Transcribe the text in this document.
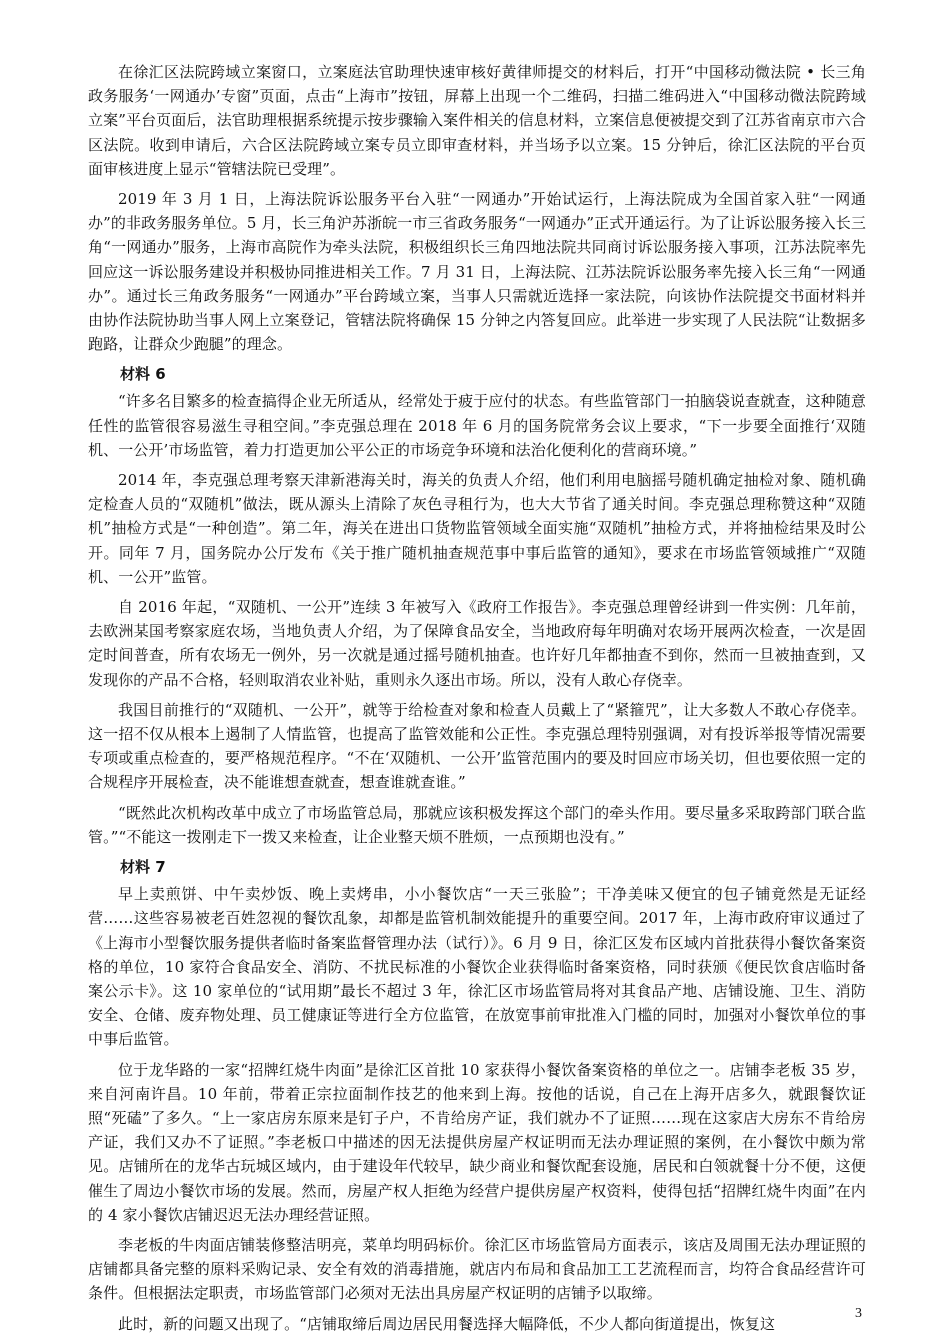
在徐汇区法院跨域立案窗口，立案庭法官助理快速审核好黄律师提交的材料后，打开“中国移动微法院 • 长三角政务服务‘一网通办’专窗”页面，点击“上海市”按钮，屏幕上出现一个二维码，扫描二维码进入“中国移动微法院跨域立案”平台页面后，法官助理根据系统提示按步骤输入案件相关的信息材料，立案信息便被提交到了江苏省南京市六合区法院。收到申请后，六合区法院跨域立案专员立即审查材料，并当场予以立案。15 分钟后，徐汇区法院的平台页面审核进度上显示“管辖法院已受理”。

2019 年 3 月 1 日，上海法院诉讼服务平台入驻“一网通办”开始试运行，上海法院成为全国首家入驻“一网通办”的非政务服务单位。5 月，长三角沪苏浙皖一市三省政务服务“一网通办”正式开通运行。为了让诉讼服务接入长三角“一网通办”服务，上海市高院作为牵头法院，积极组织长三角四地法院共同商讨诉讼服务接入事项，江苏法院率先回应这一诉讼服务建设并积极协同推进相关工作。7 月 31 日，上海法院、江苏法院诉讼服务率先接入长三角“一网通办”。通过长三角政务服务“一网通办”平台跨域立案，当事人只需就近选择一家法院，向该协作法院提交书面材料并由协作法院协助当事人网上立案登记，管辖法院将确保 15 分钟之内答复回应。此举进一步实现了人民法院“让数据多跑路，让群众少跑腿”的理念。

材料 6

“许多名目繁多的检查搞得企业无所适从，经常处于疲于应付的状态。有些监管部门一拍脑袋说查就查，这种随意任性的监管很容易滋生寻租空间。”李克强总理在 2018 年 6 月的国务院常务会议上要求，“下一步要全面推行‘双随机、一公开’市场监管，着力打造更加公平公正的市场竞争环境和法治化便利化的营商环境。”

2014 年，李克强总理考察天津新港海关时，海关的负责人介绍，他们利用电脑摇号随机确定抽检对象、随机确定检查人员的“双随机”做法，既从源头上清除了灰色寻租行为，也大大节省了通关时间。李克强总理称赞这种“双随机”抽检方式是“一种创造”。第二年，海关在进出口货物监管领域全面实施“双随机”抽检方式，并将抽检结果及时公开。同年 7 月，国务院办公厅发布《关于推广随机抽查规范事中事后监管的通知》，要求在市场监管领域推广“双随机、一公开”监管。

自 2016 年起，“双随机、一公开”连续 3 年被写入《政府工作报告》。李克强总理曾经讲到一件实例：几年前，去欧洲某国考察家庭农场，当地负责人介绍，为了保障食品安全，当地政府每年明确对农场开展两次检查，一次是固定时间普查，所有农场无一例外，另一次就是通过摇号随机抽查。也许好几年都抽查不到你，然而一旦被抽查到，又发现你的产品不合格，轻则取消农业补贴，重则永久逐出市场。所以，没有人敢心存侥幸。

我国目前推行的“双随机、一公开”，就等于给检查对象和检查人员戴上了“紧箍咒”，让大多数人不敢心存侥幸。这一招不仅从根本上遏制了人情监管，也提高了监管效能和公正性。李克强总理特别强调，对有投诉举报等情况需要专项或重点检查的，要严格规范程序。“不在‘双随机、一公开’监管范围内的要及时回应市场关切，但也要依照一定的合规程序开展检查，决不能谁想查就查，想查谁就查谁。”

“既然此次机构改革中成立了市场监管总局，那就应该积极发挥这个部门的牵头作用。要尽量多采取跨部门联合监管。”“不能这一拨刚走下一拨又来检查，让企业整天烦不胜烦，一点预期也没有。”

材料 7

早上卖煎饼、中午卖炒饭、晚上卖烤串，小小餐饮店“一天三张脸”；干净美味又便宜的包子铺竟然是无证经营……这些容易被老百姓忽视的餐饮乱象，却都是监管机制效能提升的重要空间。2017 年，上海市政府审议通过了《上海市小型餐饮服务提供者临时备案监督管理办法（试行）》。6 月 9 日，徐汇区发布区域内首批获得小餐饮备案资格的单位，10 家符合食品安全、消防、不扰民标准的小餐饮企业获得临时备案资格，同时获颁《便民饮食店临时备案公示卡》。这 10 家单位的“试用期”最长不超过 3 年，徐汇区市场监管局将对其食品产地、店铺设施、卫生、消防安全、仓储、废弃物处理、员工健康证等进行全方位监管，在放宽事前审批准入门槛的同时，加强对小餐饮单位的事中事后监管。

位于龙华路的一家“招牌红烧牛肉面”是徐汇区首批 10 家获得小餐饮备案资格的单位之一。店铺李老板 35 岁，来自河南许昌。10 年前，带着正宗拉面制作技艺的他来到上海。按他的话说，自己在上海开店多久，就跟餐饮证照“死磕”了多久。“上一家店房东原来是钉子户，不肯给房产证，我们就办不了证照……现在这家店大房东不肯给房产证，我们又办不了证照。”李老板口中描述的因无法提供房屋产权证明而无法办理证照的案例，在小餐饮中颇为常见。店铺所在的龙华古玩城区域内，由于建设年代较早，缺少商业和餐饮配套设施，居民和白领就餐十分不便，这便催生了周边小餐饮市场的发展。然而，房屋产权人拒绝为经营户提供房屋产权资料，使得包括“招牌红烧牛肉面”在内的 4 家小餐饮店铺迟迟无法办理经营证照。

李老板的牛肉面店铺装修整洁明亮，菜单均明码标价。徐汇区市场监管局方面表示，该店及周围无法办理证照的店铺都具备完整的原料采购记录、安全有效的消毒措施，就店内布局和食品加工工艺流程而言，均符合食品经营许可条件。但根据法定职责，市场监管部门必须对无法出具房屋产权证明的店铺予以取缔。

此时，新的问题又出现了。“店铺取缔后周边居民用餐选择大幅降低，不少人都向街道提出，恢复这

3
